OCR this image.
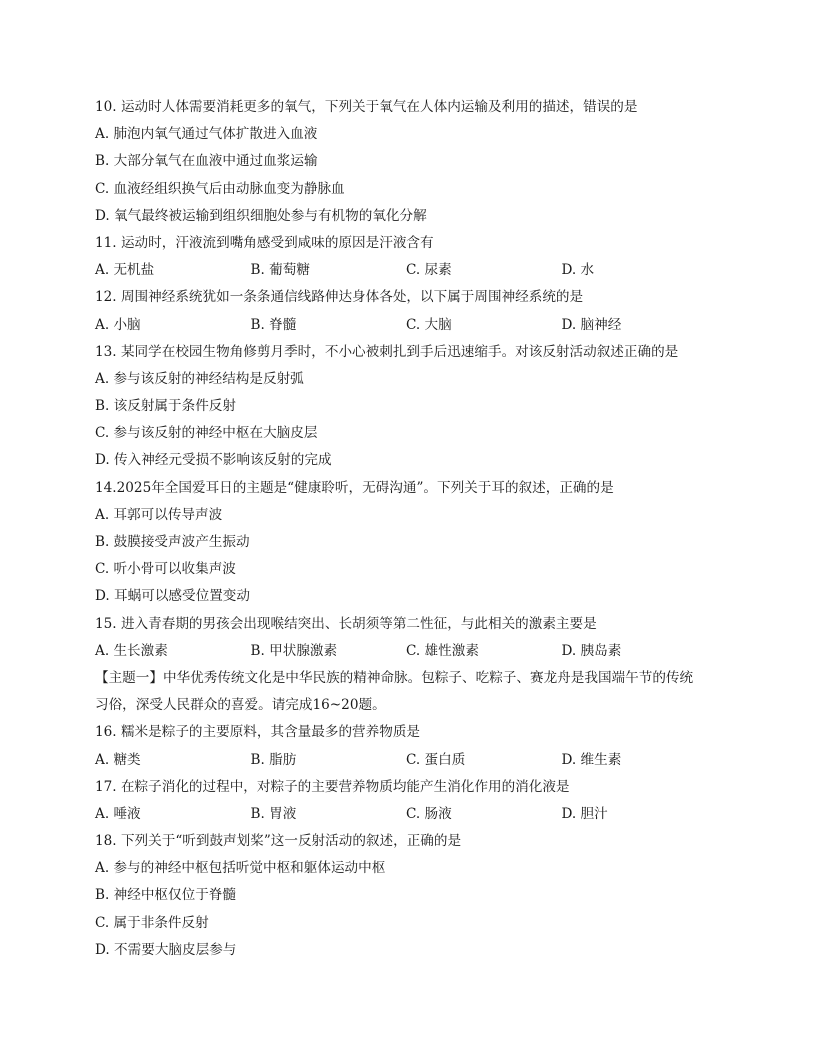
10. 运动时人体需要消耗更多的氧气，下列关于氧气在人体内运输及利用的描述，错误的是
A. 肺泡内氧气通过气体扩散进入血液
B. 大部分氧气在血液中通过血浆运输
C. 血液经组织换气后由动脉血变为静脉血
D. 氧气最终被运输到组织细胞处参与有机物的氧化分解
11. 运动时，汗液流到嘴角感受到咸味的原因是汗液含有
A. 无机盐	B. 葡萄糖	C. 尿素	D. 水
12. 周围神经系统犹如一条条通信线路伸达身体各处，以下属于周围神经系统的是
A. 小脑	B. 脊髓	C. 大脑	D. 脑神经
13. 某同学在校园生物角修剪月季时，不小心被刺扎到手后迅速缩手。对该反射活动叙述正确的是
A. 参与该反射的神经结构是反射弧
B. 该反射属于条件反射
C. 参与该反射的神经中枢在大脑皮层
D. 传入神经元受损不影响该反射的完成
14.2025年全国爱耳日的主题是“健康聆听，无碍沟通”。下列关于耳的叙述，正确的是
A. 耳郭可以传导声波
B. 鼓膜接受声波产生振动
C. 听小骨可以收集声波
D. 耳蜗可以感受位置变动
15. 进入青春期的男孩会出现喉结突出、长胡须等第二性征，与此相关的激素主要是
A. 生长激素	B. 甲状腺激素	C. 雄性激素	D. 胰岛素
【主题一】中华优秀传统文化是中华民族的精神命脉。包粽子、吃粽子、赛龙舟是我国端午节的传统
习俗，深受人民群众的喜爱。请完成16~20题。
16. 糯米是粽子的主要原料，其含量最多的营养物质是
A. 糖类	B. 脂肪	C. 蛋白质	D. 维生素
17. 在粽子消化的过程中，对粽子的主要营养物质均能产生消化作用的消化液是
A. 唾液	B. 胃液	C. 肠液	D. 胆汁
18. 下列关于“听到鼓声划桨”这一反射活动的叙述，正确的是
A. 参与的神经中枢包括听觉中枢和躯体运动中枢
B. 神经中枢仅位于脊髓
C. 属于非条件反射
D. 不需要大脑皮层参与
